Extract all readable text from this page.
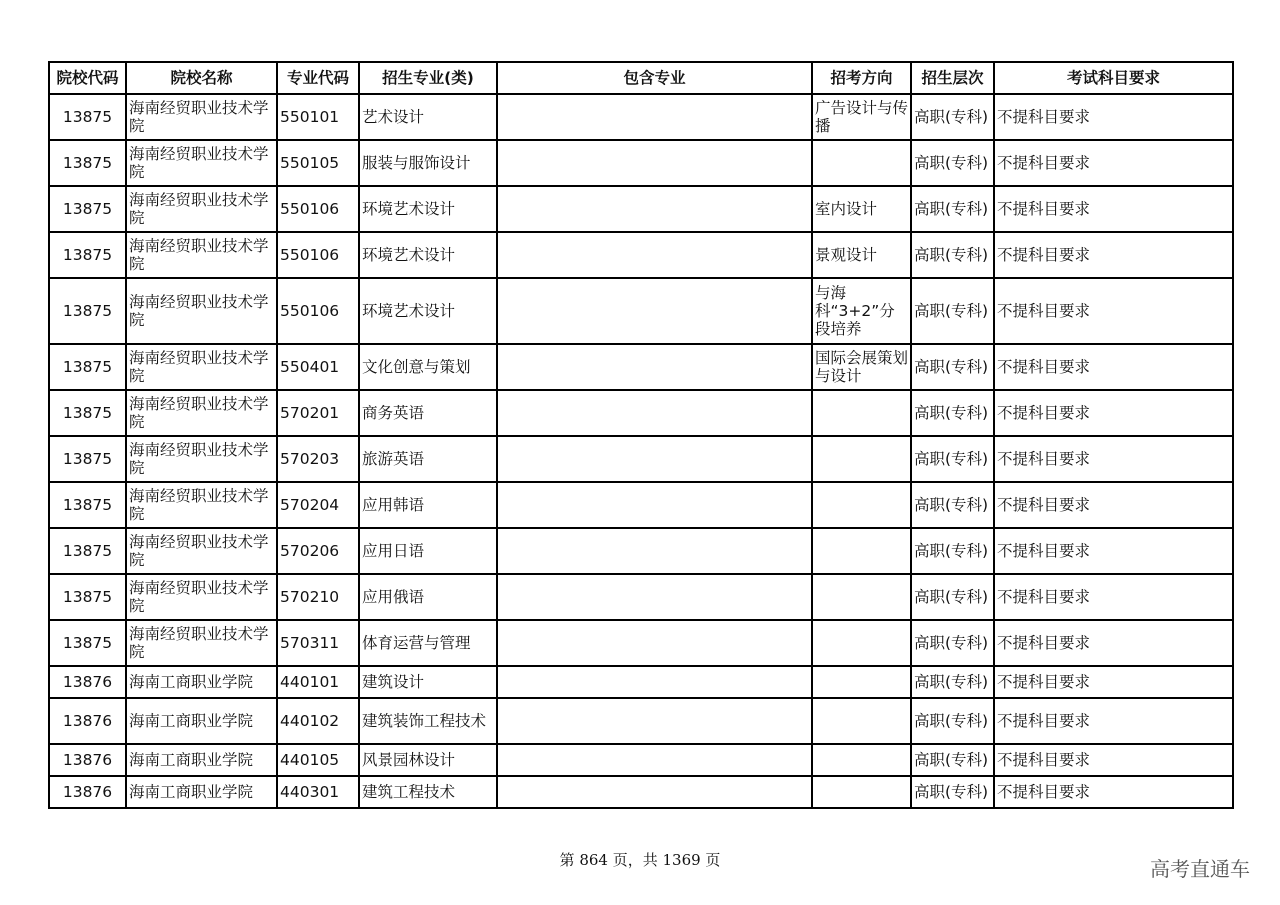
院校代码	院校名称	专业代码	招生专业(类)	包含专业	招考方向	招生层次	考试科目要求
13875	海南经贸职业技术学院	550101	艺术设计		广告设计与传播	高职(专科)	不提科目要求
13875	海南经贸职业技术学院	550105	服装与服饰设计			高职(专科)	不提科目要求
13875	海南经贸职业技术学院	550106	环境艺术设计		室内设计	高职(专科)	不提科目要求
13875	海南经贸职业技术学院	550106	环境艺术设计		景观设计	高职(专科)	不提科目要求
13875	海南经贸职业技术学院	550106	环境艺术设计		与海科“3+2”分段培养	高职(专科)	不提科目要求
13875	海南经贸职业技术学院	550401	文化创意与策划		国际会展策划与设计	高职(专科)	不提科目要求
13875	海南经贸职业技术学院	570201	商务英语			高职(专科)	不提科目要求
13875	海南经贸职业技术学院	570203	旅游英语			高职(专科)	不提科目要求
13875	海南经贸职业技术学院	570204	应用韩语			高职(专科)	不提科目要求
13875	海南经贸职业技术学院	570206	应用日语			高职(专科)	不提科目要求
13875	海南经贸职业技术学院	570210	应用俄语			高职(专科)	不提科目要求
13875	海南经贸职业技术学院	570311	体育运营与管理			高职(专科)	不提科目要求
13876	海南工商职业学院	440101	建筑设计			高职(专科)	不提科目要求
13876	海南工商职业学院	440102	建筑装饰工程技术			高职(专科)	不提科目要求
13876	海南工商职业学院	440105	风景园林设计			高职(专科)	不提科目要求
13876	海南工商职业学院	440301	建筑工程技术			高职(专科)	不提科目要求
第 864 页，共 1369 页	高考直通车
